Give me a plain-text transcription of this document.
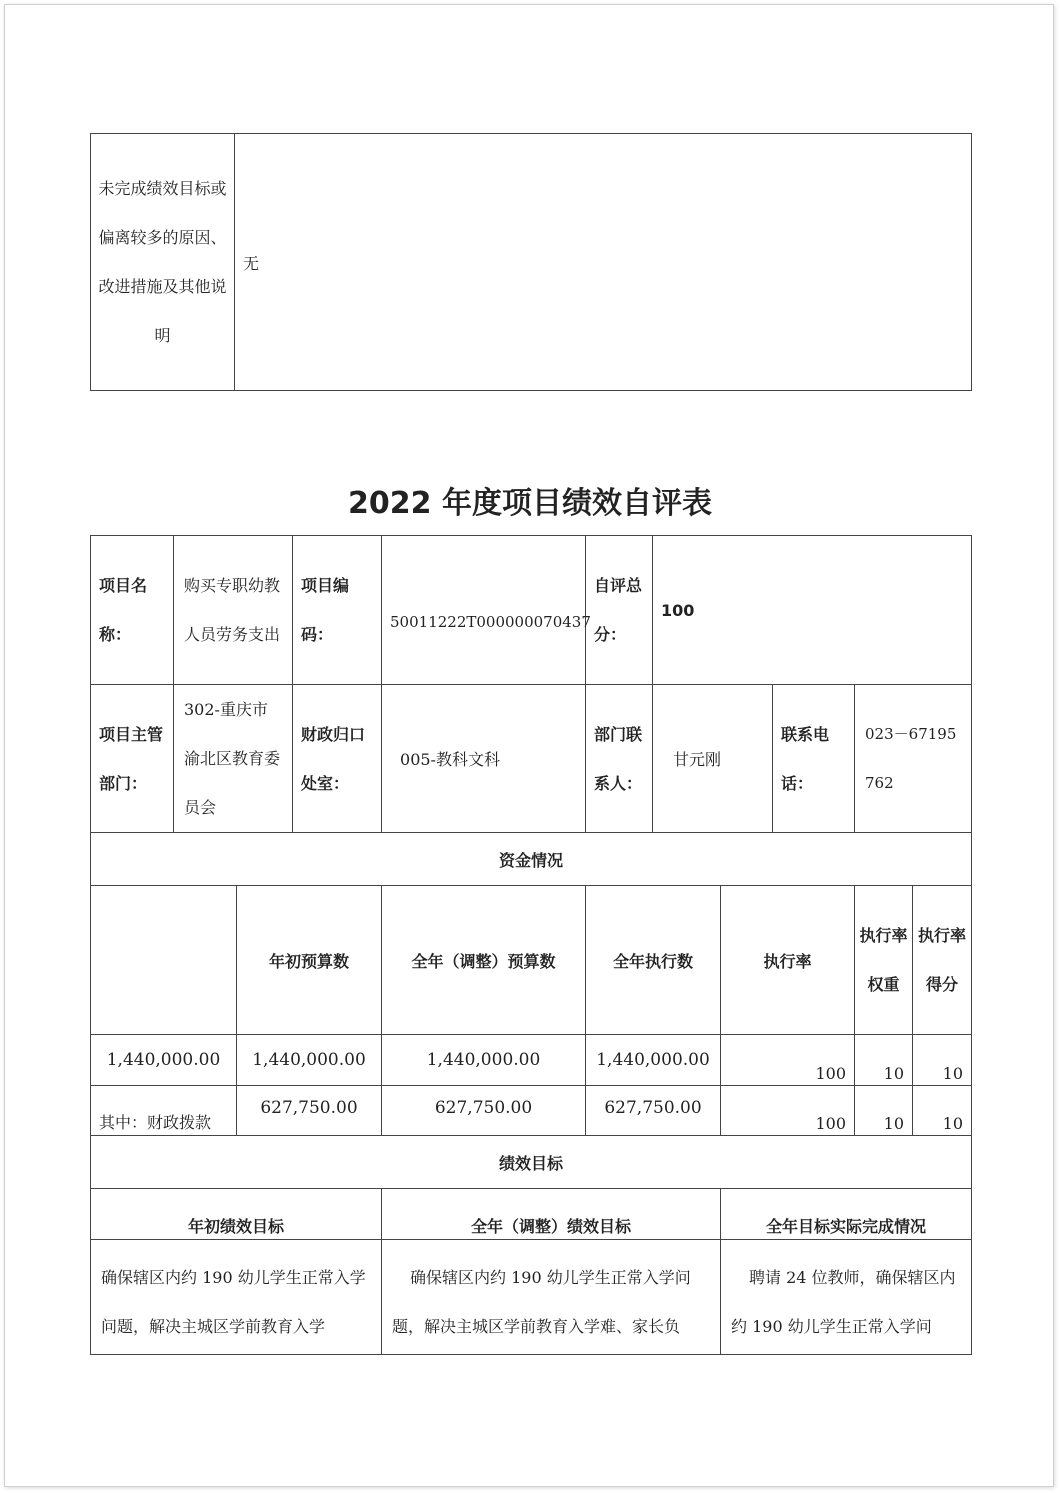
未完成绩效目标或偏离较多的原因、改进措施及其他说明	无
2022 年度项目绩效自评表
项目名称：	购买专职幼教人员劳务支出		项目编码：	50011222T000000070437	自评总分：	100				
项目主管部门：	302-重庆市渝北区教育委员会		财政归口处室：	005-教科文科	部门联系人：	甘元刚		联系电话：	023－67195762	
资金情况										
		年初预算数		全年（调整）预算数	全年执行数		执行率		执行率权重	执行率得分
1,440,000.00		1,440,000.00		1,440,000.00	1,440,000.00		100		10	10
其中：财政拨款		627,750.00		627,750.00	627,750.00		100		10	10
绩效目标										
年初绩效目标				全年（调整）绩效目标			全年目标实际完成情况			
确保辖区内约 190 幼儿学生正常入学问题，解决主城区学前教育入学				确保辖区内约 190 幼儿学生正常入学问题，解决主城区学前教育入学难、家长负			聘请 24 位教师，确保辖区内约 190 幼儿学生正常入学问			
